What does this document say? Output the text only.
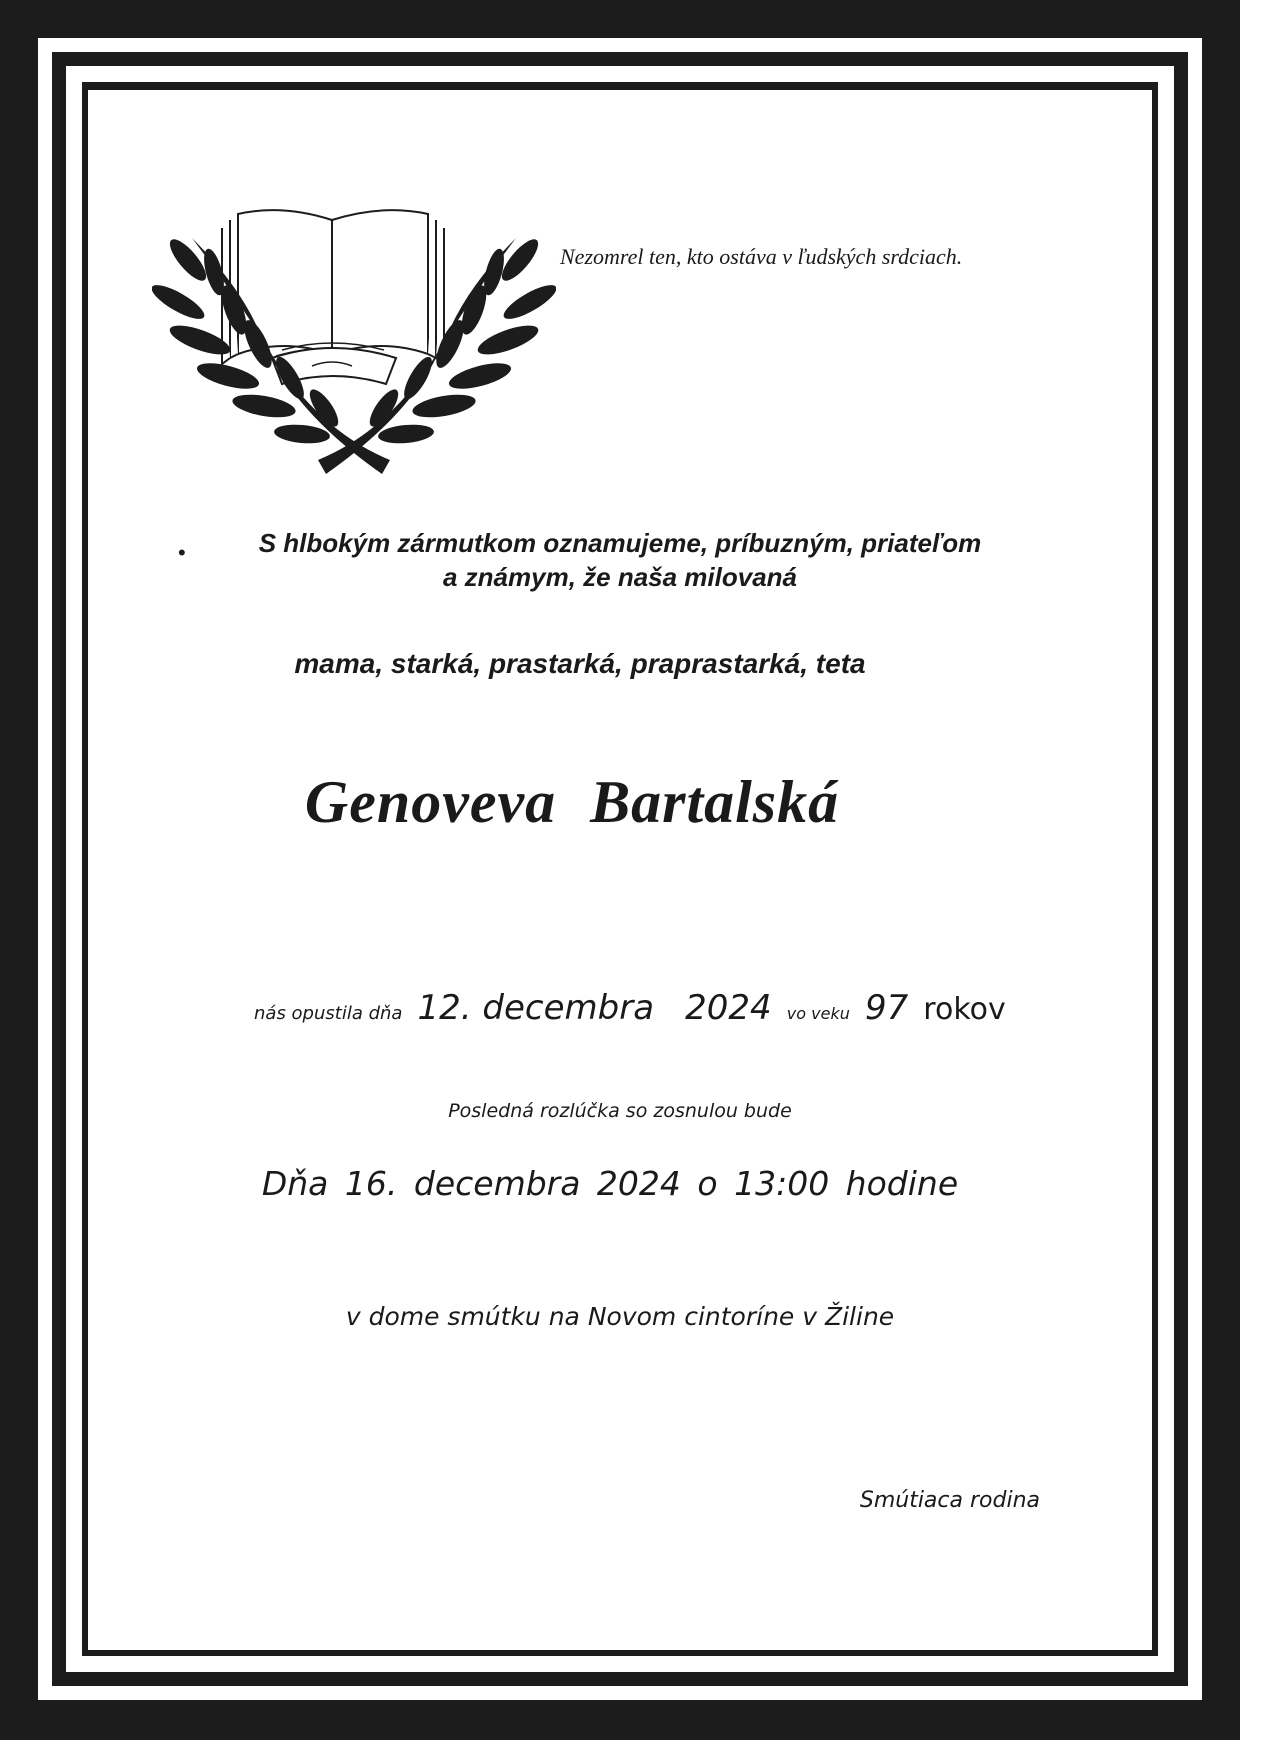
Nezomrel ten, kto ostáva v ľudských srdciach.
•	S hlbokým zármutkom oznamujeme, príbuzným, priateľom
a známym, že naša milovaná
mama, starká, prastarká, praprastarká, teta
Genoveva Bartalská
nás opustila dňa 12. decembra 2024 vo veku 97 rokov
Posledná rozlúčka so zosnulou bude
Dňa 16. decembra 2024 o 13:00 hodine
v dome smútku na Novom cintoríne v Žiline
Smútiaca rodina
